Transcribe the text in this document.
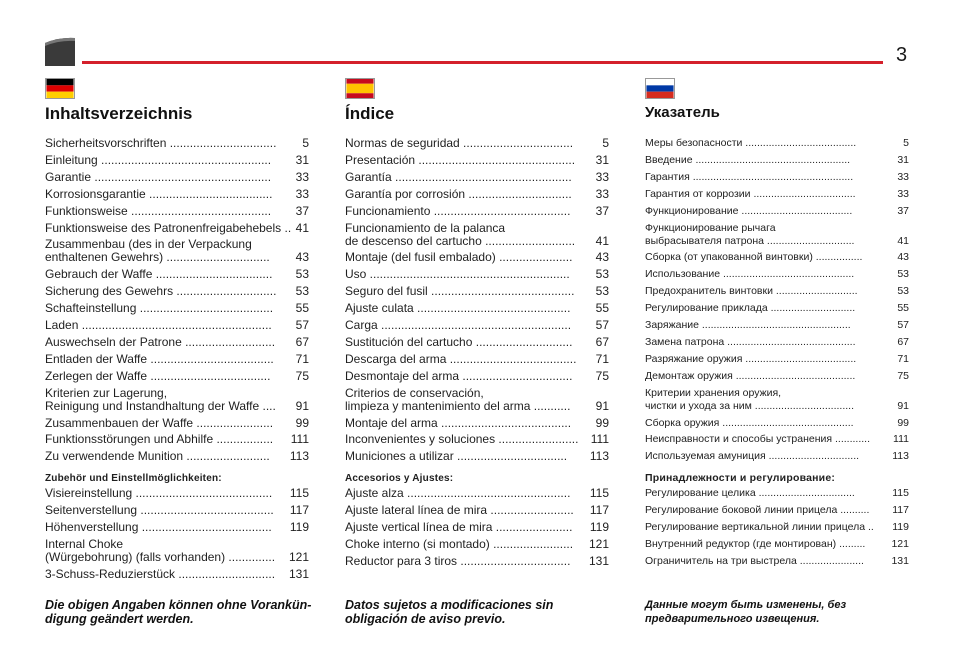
3
Inhaltsverzeichnis
Sicherheitsvorschriften ................................	5
Einleitung ...................................................	31
Garantie .....................................................	33
Korrosionsgarantie .....................................	33
Funktionsweise ..........................................	37
Funktionsweise des Patronenfreigabehebels .. 41
Zusammenbau (des in der Verpackung
enthaltenen Gewehrs) ...............................	43
Gebrauch der Waffe ...................................	53
Sicherung des Gewehrs ..............................	53
Schafteinstellung ........................................	55
Laden .........................................................	57
Auswechseln der Patrone ...........................	67
Entladen der Waffe .....................................	71
Zerlegen der Waffe ....................................	75
Kriterien zur Lagerung,
Reinigung und Instandhaltung der Waffe ....	91
Zusammenbauen der Waffe .......................	99
Funktionsstörungen und Abhilfe .................	111
Zu verwendende Munition .........................	113
Zubehör und Einstellmöglichkeiten:
Visiereinstellung .........................................	115
Seitenverstellung ........................................	117
Höhenverstellung .......................................	119
Internal Choke
(Würgebohrung) (falls vorhanden) ..............	121
3-Schuss-Reduzierstück .............................	131
Índice
Normas de seguridad .................................	5
Presentación ...............................................	31
Garantía .....................................................	33
Garantía por corrosión ...............................	33
Funcionamiento .........................................	37
Funcionamiento de la palanca
de descenso del cartucho ...........................	41
Montaje (del fusil embalado) ......................	43
Uso ............................................................	53
Seguro del fusil ...........................................	53
Ajuste culata ..............................................	55
Carga .........................................................	57
Sustitución del cartucho .............................	67
Descarga del arma ......................................	71
Desmontaje del arma .................................	75
Criterios de conservación,
limpieza y mantenimiento del arma ...........	91
Montaje del arma .......................................	99
Inconvenientes y soluciones ........................	111
Municiones a utilizar .................................	113
Accesorios y Ajustes:
Ajuste alza .................................................	115
Ajuste lateral línea de mira .........................	117
Ajuste vertical línea de mira .......................	119
Choke interno (si montado) ........................	121
Reductor para 3 tiros .................................	131
Указатель
Меры безопасности ......................................	5
Введение .....................................................	31
Гарантия .......................................................	33
Гарантия от коррозии ...................................	33
Функционирование ......................................	37
Функционирование рычага
выбрасывателя патрона ..............................	41
Сборка (от упакованной винтовки) ................	43
Использование .............................................	53
Предохранитель винтовки ............................	53
Регулирование приклада .............................	55
Заряжание ...................................................	57
Замена патрона ............................................	67
Разряжание оружия ......................................	71
Демонтаж оружия .........................................	75
Критерии хранения оружия,
чистки и ухода за ним ..................................	91
Сборка оружия .............................................	99
Неисправности и способы устранения ............	111
Используемая амуниция ...............................	113
Принадлежности и регулирование:
Регулирование целика .................................	115
Регулирование боковой линии прицела ..........	117
Регулирование вертикальной линии прицела ..	119
Внутренний редуктор (где монтирован) .........	121
Ограничитель на три выстрела ......................	131
Die obigen Angaben können ohne Vorankün-digung geändert werden.
Datos sujetos a modificaciones sin obligación de aviso previo.
Данные могут быть изменены, без предварительного извещения.
